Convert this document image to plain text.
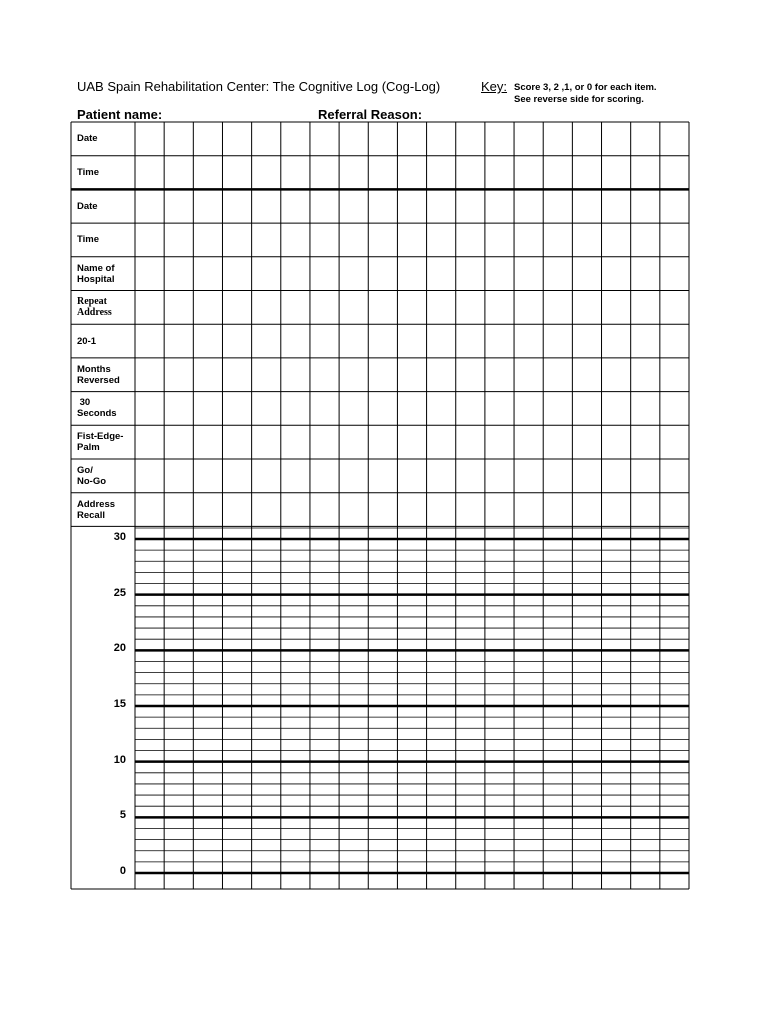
UAB Spain Rehabilitation Center: The Cognitive Log (Cog-Log)	Key: Score 3, 2 ,1, or 0 for each item.
See reverse side for scoring.
Patient name:	Referral Reason:
Date
Time
Date
Time
Name of
Hospital
Repeat
Address
20-1
Months
Reversed
30
Seconds
Fist-Edge-
Palm
Go/
No-Go
Address
Recall
30
25
20
15
10
5
0
